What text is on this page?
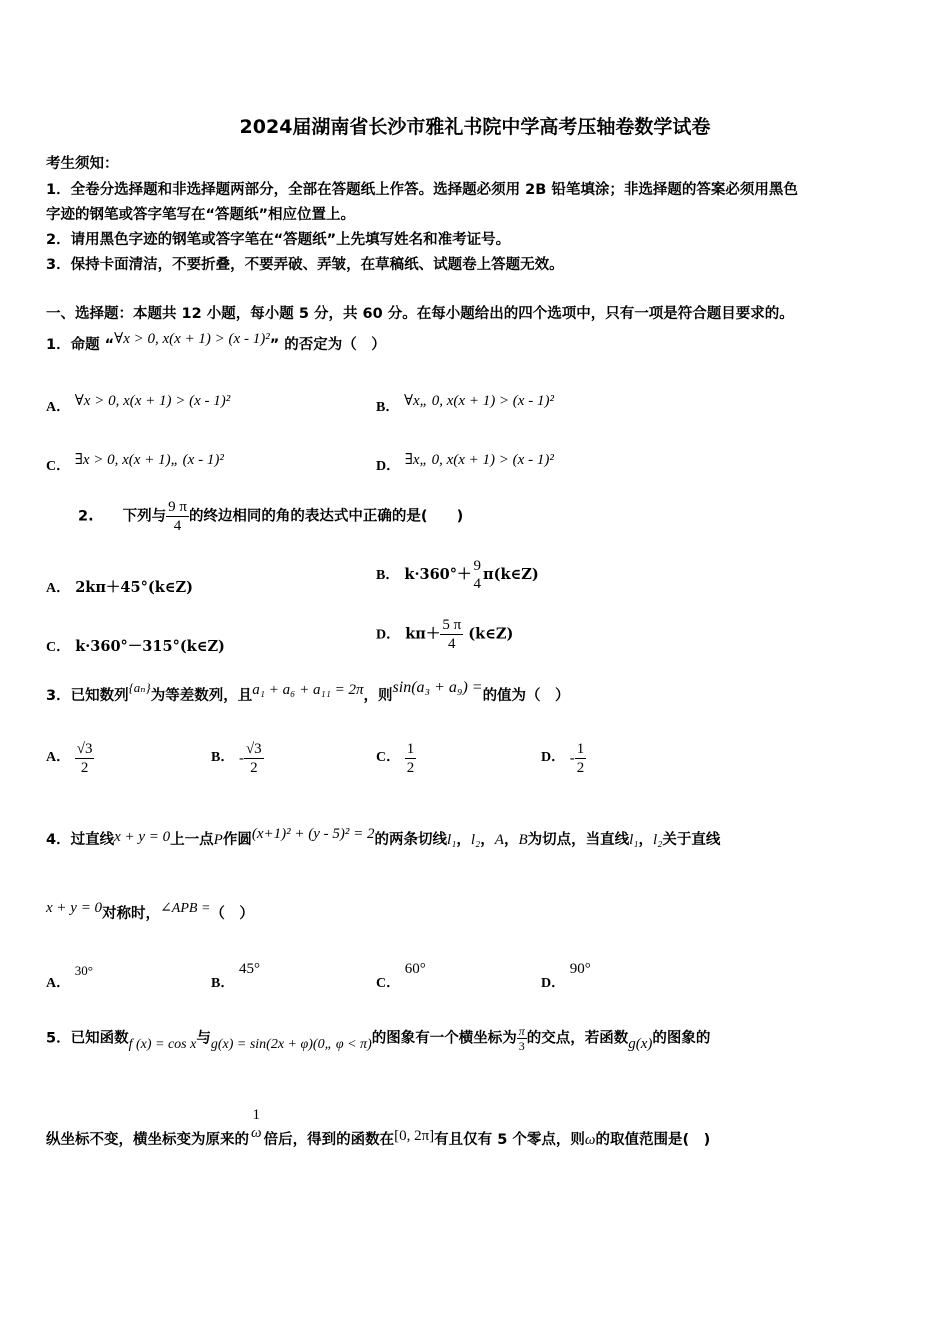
2024届湖南省长沙市雅礼书院中学高考压轴卷数学试卷
考生须知：
1．全卷分选择题和非选择题两部分，全部在答题纸上作答。选择题必须用 2B 铅笔填涂；非选择题的答案必须用黑色
字迹的钢笔或答字笔写在“答题纸”相应位置上。
2．请用黑色字迹的钢笔或答字笔在“答题纸”上先填写姓名和准考证号。
3．保持卡面清洁，不要折叠，不要弄破、弄皱，在草稿纸、试题卷上答题无效。
一、选择题：本题共 12 小题，每小题 5 分，共 60 分。在每小题给出的四个选项中，只有一项是符合题目要求的。
1．命题 “∀x > 0, x(x + 1) > (x - 1)²” 的否定为（　）
A． ∀x > 0, x(x + 1) > (x - 1)²	B． ∀x„ 0, x(x + 1) > (x - 1)²
C． ∃x > 0, x(x + 1)„ (x - 1)²	D． ∃x„ 0, x(x + 1) > (x - 1)²
2.　　下列与 $\frac{9 \pi}{4}$ 的终边相同的角的表达式中正确的是(　　)
A． 2kπ＋45°(k∈Z)
B． k·360°＋ 9
4
π(k∈Z)
C． k·360°－315°(k∈Z)
D． $k\pi+ \frac{5 \pi}{4}$ (k∈Z)
3．已知数列{aₙ}为等差数列，且a₁ + a₆ + a₁₁ = 2π，则sin(a₃ + a₉) =的值为（　）
A． $\frac{√3}{2}$	B． - $\frac{√3}{2}$	C． $\frac{1}{2}$	D． - $\frac{1}{2}$
4．过直线x + y = 0上一点P作圆(x+1)² + (y - 5)² = 2的两条切线l₁，l₂，A，B为切点，当直线l₁，l₂关于直线
x + y = 0对称时，∠APB =（　）
A． 30°
B． 45°
C． 60°
D． 90°
5．已知函数f (x) = cos x与g(x) = sin(2x + φ)(0„ φ < π)的图象有一个横坐标为 $\frac{\pi}{3}$ 的交点，若函数g(x)的图象的
纵坐标不变，横坐标变为原来的
1
ω 倍后，得到的函数在[0, 2π]有且仅有 5 个零点，则ω的取值范围是(　)
